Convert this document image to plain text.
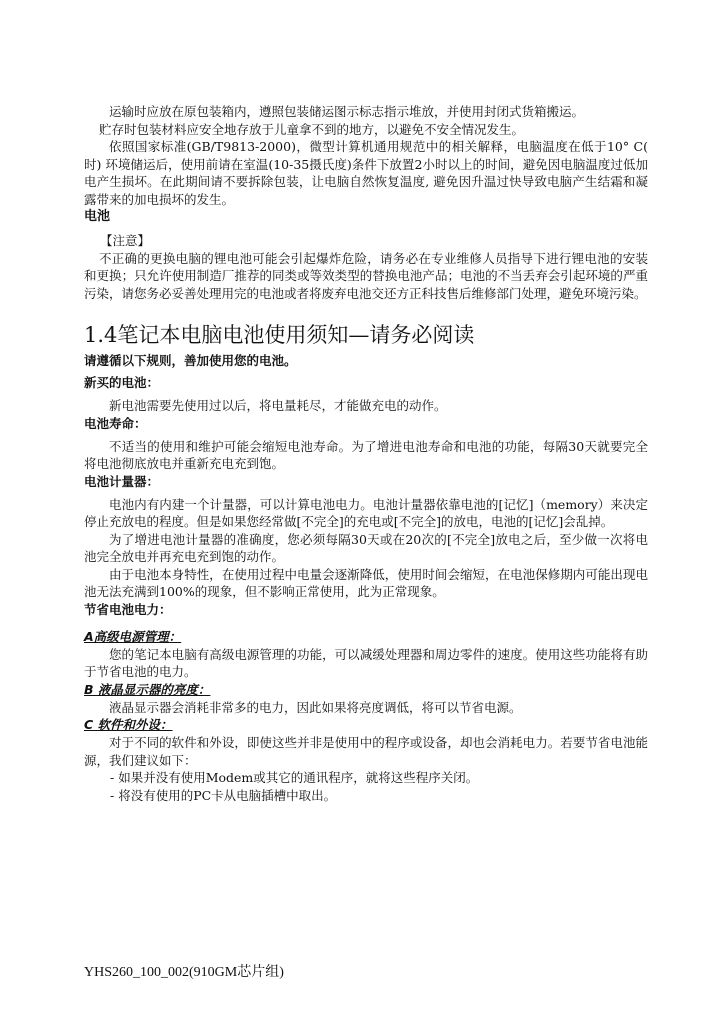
运输时应放在原包装箱内，遵照包装储运图示标志指示堆放，并使用封闭式货箱搬运。

贮存时包装材料应安全地存放于儿童拿不到的地方，以避免不安全情况发生。

依照国家标准(GB/T9813-2000)，微型计算机通用规范中的相关解释，电脑温度在低于10° C( 时) 环境储运后，使用前请在室温(10-35摄氏度)条件下放置2小时以上的时间，避免因电脑温度过低加电产生损坏。在此期间请不要拆除包装，让电脑自然恢复温度, 避免因升温过快导致电脑产生结霜和凝露带来的加电损坏的发生。

电池

【注意】

不正确的更换电脑的锂电池可能会引起爆炸危险，请务必在专业维修人员指导下进行锂电池的安装和更换；只允许使用制造厂推荐的同类或等效类型的替换电池产品；电池的不当丢弃会引起环境的严重污染，请您务必妥善处理用完的电池或者将废弃电池交还方正科技售后维修部门处理，避免环境污染。

1.4笔记本电脑电池使用须知—请务必阅读

请遵循以下规则，善加使用您的电池。

新买的电池：

新电池需要先使用过以后，将电量耗尽，才能做充电的动作。

电池寿命：

不适当的使用和维护可能会缩短电池寿命。为了增进电池寿命和电池的功能，每隔30天就要完全将电池彻底放电并重新充电充到饱。

电池计量器：

电池内有内建一个计量器，可以计算电池电力。电池计量器依靠电池的[记忆]（memory）来决定停止充放电的程度。但是如果您经常做[不完全]的充电或[不完全]的放电，电池的[记忆]会乱掉。

为了增进电池计量器的准确度，您必须每隔30天或在20次的[不完全]放电之后，至少做一次将电池完全放电并再充电充到饱的动作。

由于电池本身特性，在使用过程中电量会逐渐降低，使用时间会缩短，在电池保修期内可能出现电池无法充满到100%的现象，但不影响正常使用，此为正常现象。

节省电池电力：

A高级电源管理：

您的笔记本电脑有高级电源管理的功能，可以减缓处理器和周边零件的速度。使用这些功能将有助于节省电池的电力。

B 液晶显示器的亮度：

液晶显示器会消耗非常多的电力，因此如果将亮度调低，将可以节省电源。

C 软件和外设：

对于不同的软件和外设，即使这些并非是使用中的程序或设备，却也会消耗电力。若要节省电池能源，我们建议如下：

- 如果并没有使用Modem或其它的通讯程序，就将这些程序关闭。

- 将没有使用的PC卡从电脑插槽中取出。

YHS260_100_002(910GM芯片组)
